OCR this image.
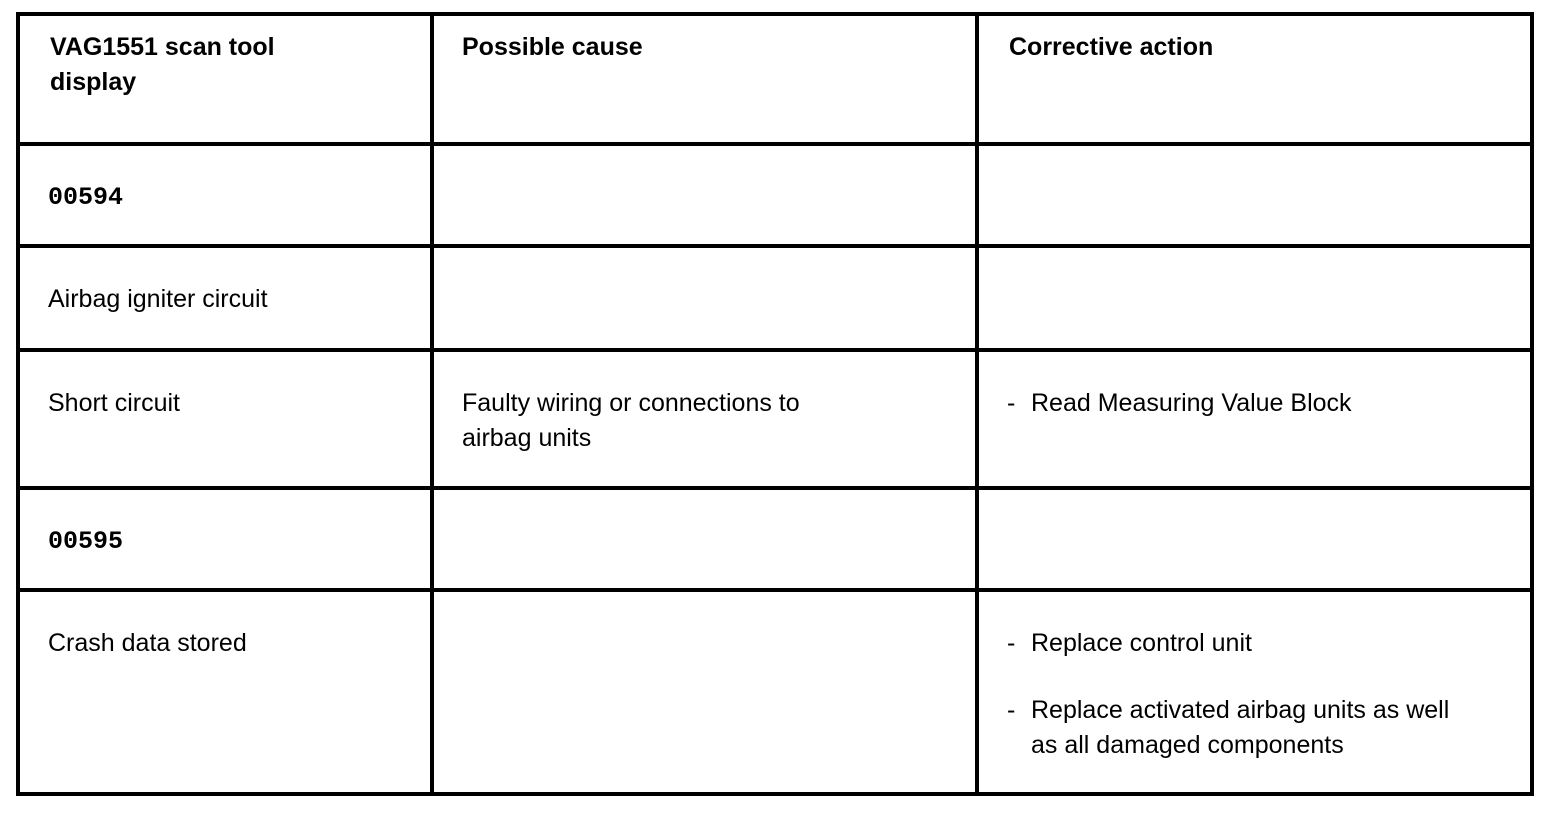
VAG1551 scan tool display	Possible cause	Corrective action

00594		

Airbag igniter circuit		

Short circuit	Faulty wiring or connections to airbag units	- Read Measuring Value Block

00595		

Crash data stored		- Replace control unit
- Replace activated airbag units as well as all damaged components
